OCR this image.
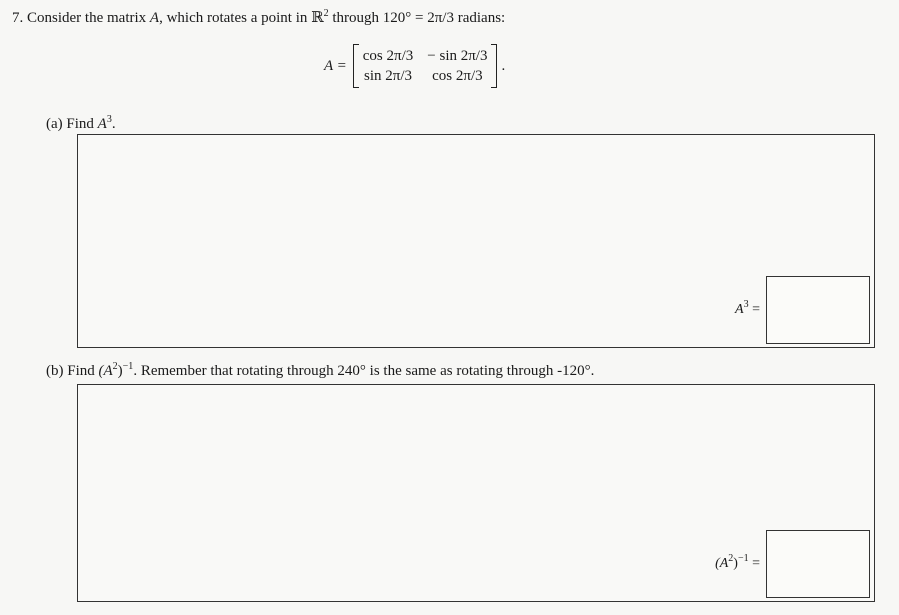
7. Consider the matrix A, which rotates a point in ℝ$^2$ through 120° = 2π/3 radians:
A =
cos 2π/3 − sin 2π/3
sin 2π/3	cos 2π/3
.
(a) Find $A^3$.
$A^3$ =
(b) Find $(A^2)^{-1}$. Remember that rotating through 240° is the same as rotating through -120°.
$(A^2)^{-1}$ =
